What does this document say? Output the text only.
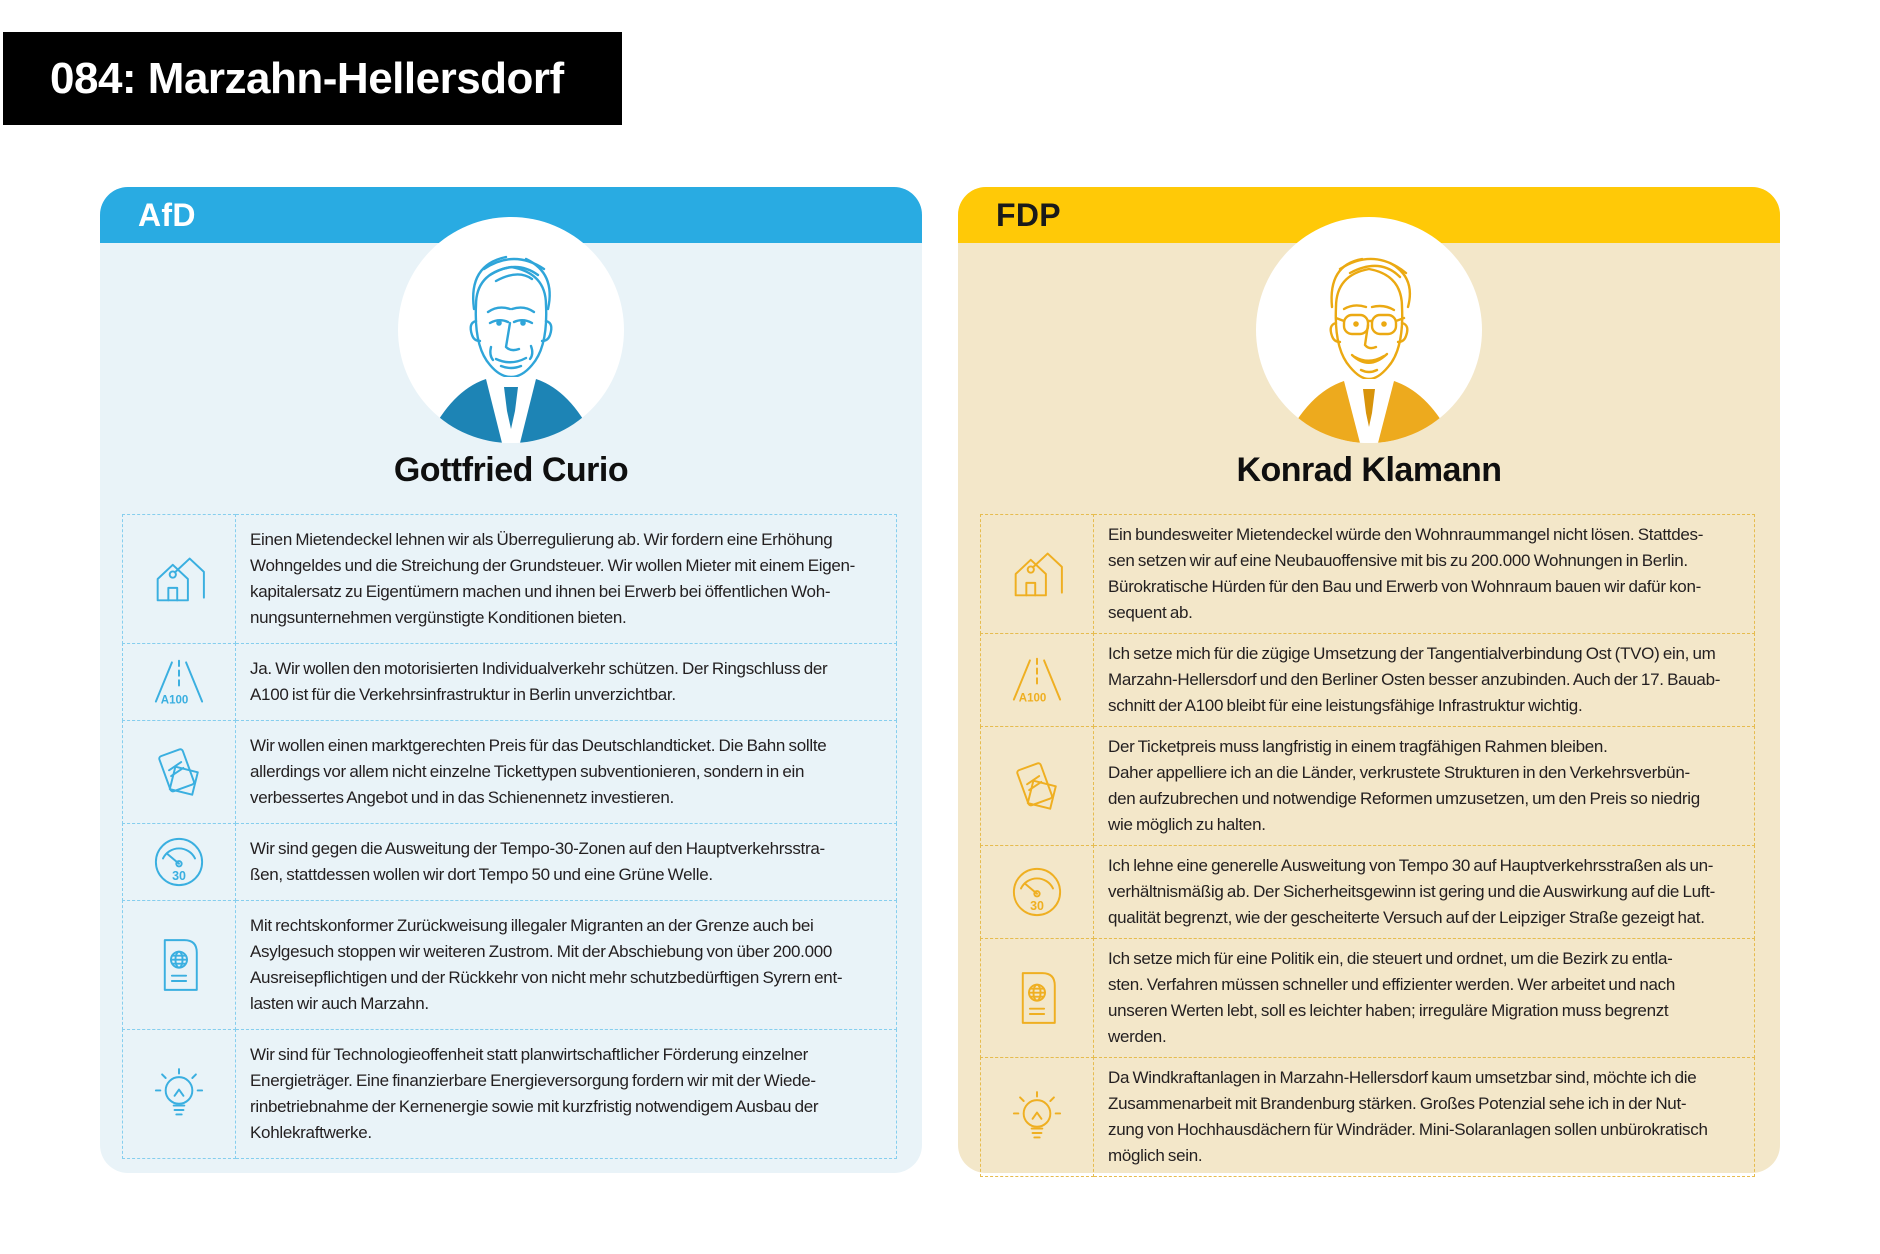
084: Marzahn-Hellersdorf
AfD
Gottfried Curio
Einen Mietendeckel lehnen wir als Überregulierung ab. Wir fordern eine Erhöhung
Wohngeldes und die Streichung der Grundsteuer. Wir wollen Mieter mit einem Eigen-
kapitalersatz zu Eigentümern machen und ihnen bei Erwerb bei öffentlichen Woh-
nungsunternehmen vergünstigte Konditionen bieten.
A100
Ja. Wir wollen den motorisierten Individualverkehr schützen. Der Ringschluss der
A100 ist für die Verkehrsinfrastruktur in Berlin unverzichtbar.
Wir wollen einen marktgerechten Preis für das Deutschlandticket. Die Bahn sollte
allerdings vor allem nicht einzelne Tickettypen subventionieren, sondern in ein
verbessertes Angebot und in das Schienennetz investieren.
30
Wir sind gegen die Ausweitung der Tempo-30-Zonen auf den Hauptverkehrsstra-
ßen, stattdessen wollen wir dort Tempo 50 und eine Grüne Welle.
Mit rechtskonformer Zurückweisung illegaler Migranten an der Grenze auch bei
Asylgesuch stoppen wir weiteren Zustrom. Mit der Abschiebung von über 200.000
Ausreisepflichtigen und der Rückkehr von nicht mehr schutzbedürftigen Syrern ent-
lasten wir auch Marzahn.
Wir sind für Technologieoffenheit statt planwirtschaftlicher Förderung einzelner
Energieträger. Eine finanzierbare Energieversorgung fordern wir mit der Wiede-
rinbetriebnahme der Kernenergie sowie mit kurzfristig notwendigem Ausbau der
Kohlekraftwerke.
FDP
Konrad Klamann
Ein bundesweiter Mietendeckel würde den Wohnraummangel nicht lösen. Stattdes-
sen setzen wir auf eine Neubauoffensive mit bis zu 200.000 Wohnungen in Berlin.
Bürokratische Hürden für den Bau und Erwerb von Wohnraum bauen wir dafür kon-
sequent ab.
A100
Ich setze mich für die zügige Umsetzung der Tangentialverbindung Ost (TVO) ein, um
Marzahn-Hellersdorf und den Berliner Osten besser anzubinden. Auch der 17. Bauab-
schnitt der A100 bleibt für eine leistungsfähige Infrastruktur wichtig.
Der Ticketpreis muss langfristig in einem tragfähigen Rahmen bleiben.
Daher appelliere ich an die Länder, verkrustete Strukturen in den Verkehrsverbün-
den aufzubrechen und notwendige Reformen umzusetzen, um den Preis so niedrig
wie möglich zu halten.
30
Ich lehne eine generelle Ausweitung von Tempo 30 auf Hauptverkehrsstraßen als un-
verhältnismäßig ab. Der Sicherheitsgewinn ist gering und die Auswirkung auf die Luft-
qualität begrenzt, wie der gescheiterte Versuch auf der Leipziger Straße gezeigt hat.
Ich setze mich für eine Politik ein, die steuert und ordnet, um die Bezirk zu entla-
sten. Verfahren müssen schneller und effizienter werden. Wer arbeitet und nach
unseren Werten lebt, soll es leichter haben; irreguläre Migration muss begrenzt
werden.
Da Windkraftanlagen in Marzahn-Hellersdorf kaum umsetzbar sind, möchte ich die
Zusammenarbeit mit Brandenburg stärken. Großes Potenzial sehe ich in der Nut-
zung von Hochhausdächern für Windräder. Mini-Solaranlagen sollen unbürokratisch
möglich sein.
